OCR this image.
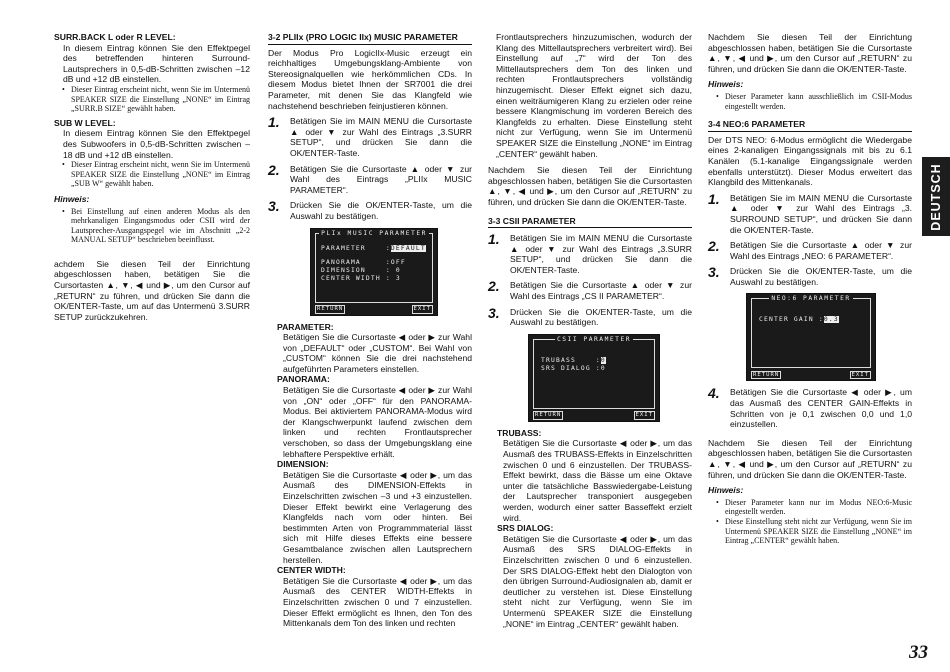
SURR.BACK L oder R LEVEL:

In diesem Eintrag können Sie den Effektpegel des betreffenden hinteren Surround-Lautsprechers in 0,5-dB-Schritten zwischen –12 dB und +12 dB einstellen.

• Dieser Eintrag erscheint nicht, wenn Sie im Untermenü SPEAKER SIZE die Einstellung „NONE“ im Eintrag „SURR.B SIZE“ gewählt haben.
SUB W LEVEL:

In diesem Eintrag können Sie den Effektpegel des Subwoofers in 0,5-dB-Schritten zwischen –18 dB und +12 dB einstellen.

• Dieser Eintrag erscheint nicht, wenn Sie im Untermenü SPEAKER SIZE die Einstellung „NONE“ im Eintrag „SUB W“ gewählt haben.
Hinweis:
• Bei Einstellung auf einen anderen Modus als den mehrkanaligen Eingangsmodus oder CSII wird der Lautsprecher-Ausgangspegel wie im Abschnitt „2-2 MANUAL SETUP“ beschrieben beeinflusst.

achdem Sie diesen Teil der Einrichtung abgeschlossen haben, betätigen Sie die Cursortasten ▲, ▼, ◀ und ▶, um den Cursor auf „RETURN“ zu führen, und drücken Sie dann die OK/ENTER-Taste, um auf das Untermenü 3.SURR SETUP zurückzukehren.

3-2 PLIIx (PRO LOGIC IIx) MUSIC PARAMETER

Der Modus Pro LogicIIx-Music erzeugt ein reichhaltiges Umgebungsklang-Ambiente von Stereosignalquellen wie herkömmlichen CDs. In diesem Modus bietet Ihnen der SR7001 die drei Parameter, mit denen Sie das Klangfeld wie nachstehend beschrieben feinjustieren können.

1.	Betätigen Sie im MAIN MENU die Cursortaste ▲ oder ▼ zur Wahl des Eintrags „3.SURR SETUP“, und drücken Sie dann die OK/ENTER-Taste.
2.	Betätigen Sie die Cursortaste ▲ oder ▼ zur Wahl des Eintrags „PLIIx MUSIC PARAMETER“.
3.	Drücken Sie die OK/ENTER-Taste, um die Auswahl zu bestätigen.
PLIx MUSIC PARAMETER
PARAMETER    :DEFAULT
PANORAMA     :OFF
DIMENSION    : 0
CENTER WIDTH : 3
RETURN	EXIT
PARAMETER:

Betätigen Sie die Cursortaste ◀ oder ▶ zur Wahl von „DEFAULT“ oder „CUSTOM“. Bei Wahl von „CUSTOM“ können Sie die drei nachstehend aufgeführten Parameters einstellen.

PANORAMA:

Betätigen Sie die Cursortaste ◀ oder ▶ zur Wahl von „ON“ oder „OFF“ für den PANORAMA-Modus. Bei aktiviertem PANORAMA-Modus wird der Klangschwerpunkt laufend zwischen dem linken und rechten Frontlautsprecher verschoben, so dass der Umgebungsklang eine lebhaftere Perspektive erhält.

DIMENSION:

Betätigen Sie die Cursortaste ◀ oder ▶, um das Ausmaß des DIMENSION-Effekts in Einzelschritten zwischen –3 und +3 einzustellen. Dieser Effekt bewirkt eine Verlagerung des Klangfelds nach vorn oder hinten. Bei bestimmten Arten von Programmmaterial lässt sich mit Hilfe dieses Effekts eine bessere Gesamtbalance zwischen allen Lautsprechern herstellen.

CENTER WIDTH:

Betätigen Sie die Cursortaste ◀ oder ▶, um das Ausmaß des CENTER WIDTH-Effekts in Einzelschritten zwischen 0 und 7 einzustellen. Dieser Effekt ermöglicht es Ihnen, den Ton des Mittenkanals dem Ton des linken und rechten

Frontlautsprechers hinzuzumischen, wodurch der Klang des Mittellautsprechers verbreitert wird). Bei Einstellung auf „7“ wird der Ton des Mittellautsprechers dem Ton des linken und rechten Frontlautsprechers vollständig hinzugemischt. Dieser Effekt eignet sich dazu, einen weiträumigeren Klang zu erzielen oder reine bessere Klangmischung im vorderen Bereich des Klangfelds zu erhalten. Diese Einstellung steht nicht zur Verfügung, wenn Sie im Untermenü SPEAKER SIZE die Einstellung „NONE“ im Eintrag „CENTER“ gewählt haben.

Nachdem Sie diesen Teil der Einrichtung abgeschlossen haben, betätigen Sie die Cursortasten ▲, ▼, ◀ und ▶, um den Cursor auf „RETURN“ zu führen, und drücken Sie dann die OK/ENTER-Taste.

3-3 CSII PARAMETER
1.	Betätigen Sie im MAIN MENU die Cursortaste ▲ oder ▼ zur Wahl des Eintrags „3.SURR SETUP“, und drücken Sie dann die OK/ENTER-Taste.
2.	Betätigen Sie die Cursortaste ▲ oder ▼ zur Wahl des Eintrags „CS II PARAMETER“.
3.	Drücken Sie die OK/ENTER-Taste, um die Auswahl zu bestätigen.
CSII PARAMETER
TRUBASS    :0
SRS DIALOG :0
RETURN	EXIT
TRUBASS:

Betätigen Sie die Cursortaste ◀ oder ▶, um das Ausmaß des TRUBASS-Effekts in Einzelschritten zwischen 0 und 6 einzustellen. Der TRUBASS-Effekt bewirkt, dass die Bässe um eine Oktave unter die tatsächliche Basswiedergabe-Leistung der Lautsprecher transponiert ausgegeben werden, wodurch einer satter Basseffekt erzielt wird.

SRS DIALOG:

Betätigen Sie die Cursortaste ◀ oder ▶, um das Ausmaß des SRS DIALOG-Effekts in Einzelschritten zwischen 0 und 6 einzustellen. Der SRS DIALOG-Effekt hebt den Dialogton von den übrigen Surround-Audiosignalen ab, damit er deutlicher zu verstehen ist. Diese Einstellung steht nicht zur Verfügung, wenn Sie im Untermenü SPEAKER SIZE die Einstellung „NONE“ im Eintrag „CENTER“ gewählt haben.

Nachdem Sie diesen Teil der Einrichtung abgeschlossen haben, betätigen Sie die Cursortaste ▲, ▼, ◀ und ▶, um den Cursor auf „RETURN“ zu führen, und drücken Sie dann die OK/ENTER-Taste.

Hinweis:
• Dieser Parameter kann ausschließlich im CSII-Modus eingestellt werden.
3-4 NEO:6 PARAMETER

Der DTS NEO: 6-Modus ermöglicht die Wiedergabe eines 2-kanaligen Eingangssignals mit bis zu 6.1 Kanälen (5.1-kanalige Eingangssignale werden ebenfalls unterstützt). Dieser Modus erweitert das Klangbild des Mittenkanals.

1.	Betätigen Sie im MAIN MENU die Cursortaste ▲ oder ▼ zur Wahl des Eintrags „3. SURROUND SETUP“, und drücken Sie dann die OK/ENTER-Taste.
2.	Betätigen Sie die Cursortaste ▲ oder ▼ zur Wahl des Eintrags „NEO: 6 PARAMETER“.
3.	Drücken Sie die OK/ENTER-Taste, um die Auswahl zu bestätigen.
NEO:6 PARAMETER
CENTER GAIN :0.3
RETURN	EXIT
4.	Betätigen Sie die Cursortaste ◀ oder ▶, um das Ausmaß des CENTER GAIN-Effekts in Schritten von je 0,1 zwischen 0,0 und 1,0 einzustellen.

Nachdem Sie diesen Teil der Einrichtung abgeschlossen haben, betätigen Sie die Cursortasten ▲, ▼, ◀ und ▶, um den Cursor auf „RETURN“ zu führen, und drücken Sie dann die OK/ENTER-Taste.

Hinweis:
• Dieser Parameter kann nur im Modus NEO:6-Music eingestellt werden.
• Diese Einstellung steht nicht zur Verfügung, wenn Sie im Untermenü SPEAKER SIZE die Einstellung „NONE“ im Eintrag „CENTER“ gewählt haben.
DEUTSCH
33
